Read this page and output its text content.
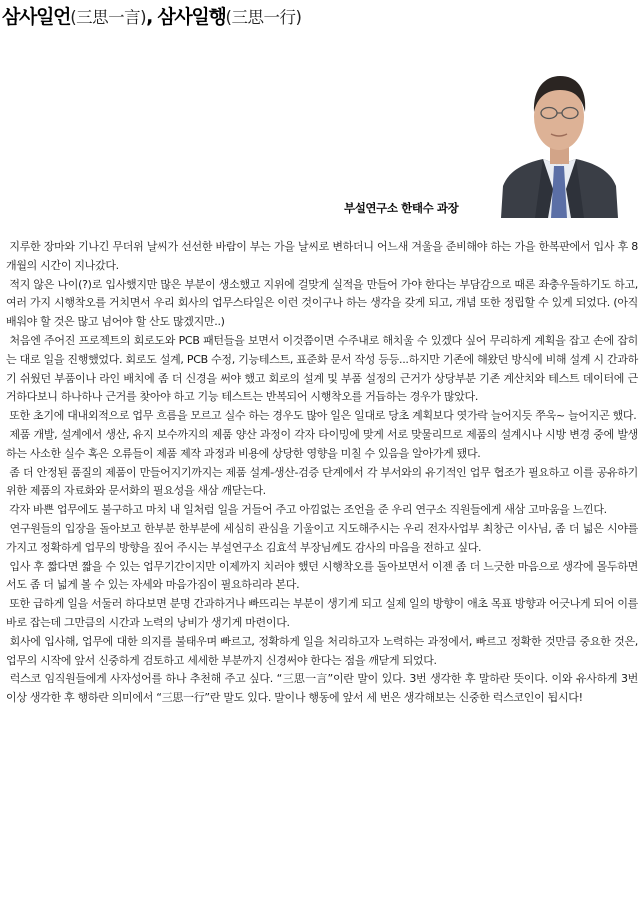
삼사일언(三思一言), 삼사일행(三思一行)
부설연구소 한태수 과장

지루한 장마와 기나긴 무더위 날씨가 선선한 바람이 부는 가을 날씨로 변하더니 어느새 겨울을 준비해야 하는 가을 한복판에서 입사 후 8개월의 시간이 지나갔다.

적지 않은 나이(?)로 입사했지만 많은 부분이 생소했고 지위에 걸맞게 실적을 만들어 가야 한다는 부담감으로 때론 좌충우돌하기도 하고, 여러 가지 시행착오를 거치면서 우리 회사의 업무스타일은 이런 것이구나 하는 생각을 갖게 되고, 개념 또한 정립할 수 있게 되었다. (아직 배워야 할 것은 많고 넘어야 할 산도 많겠지만..)

처음엔 주어진 프로젝트의 회로도와 PCB 패턴들을 보면서 이것쯤이면 수주내로 해치울 수 있겠다 싶어 무리하게 계획을 잡고 손에 잡히는 대로 일을 진행했었다. 회로도 설계, PCB 수정, 기능테스트, 표준화 문서 작성 등등...하지만 기존에 해왔던 방식에 비해 설계 시 간과하기 쉬웠던 부품이나 라인 배치에 좀 더 신경을 써야 했고 회로의 설계 및 부품 설정의 근거가 상당부분 기존 계산치와 테스트 데이터에 근거하다보니 하나하나 근거를 찾아야 하고 기능 테스트는 반복되어 시행착오를 거듭하는 경우가 많았다.

또한 초기에 대내외적으로 업무 흐름을 모르고 실수 하는 경우도 많아 일은 일대로 당초 계획보다 엿가락 늘어지듯 쭈욱~ 늘어지곤 했다.

제품 개발, 설계에서 생산, 유지 보수까지의 제품 양산 과정이 각자 타이밍에 맞게 서로 맞물리므로 제품의 설계시나 시방 변경 중에 발생하는 사소한 실수 혹은 오류들이 제품 제작 과정과 비용에 상당한 영향을 미칠 수 있음을 알아가게 됐다.

좀 더 안정된 품질의 제품이 만들어지기까지는 제품 설계-생산-검증 단계에서 각 부서와의 유기적인 업무 협조가 필요하고 이를 공유하기 위한 제품의 자료화와 문서화의 필요성을 새삼 깨닫는다.

각자 바쁜 업무에도 불구하고 마치 내 일처럼 일을 거들어 주고 아낌없는 조언을 준 우리 연구소 직원들에게 새삼 고마움을 느낀다.

연구원들의 입장을 돌아보고 한부분 한부분에 세심히 관심을 기울이고 지도해주시는 우리 전자사업부 최창근 이사님, 좀 더 넓은 시야를 가지고 정확하게 업무의 방향을 짚어 주시는 부설연구소 김효석 부장님께도 감사의 마음을 전하고 싶다.

입사 후 짧다면 짧을 수 있는 업무기간이지만 이제까지 치러야 했던 시행착오를 돌아보면서 이젠 좀 더 느긋한 마음으로 생각에 몰두하면서도 좀 더 넓게 볼 수 있는 자세와 마음가짐이 필요하리라 본다.

또한 급하게 일을 서둘러 하다보면 분명 간과하거나 빠뜨리는 부분이 생기게 되고 실제 일의 방향이 애초 목표 방향과 어긋나게 되어 이를 바로 잡는데 그만큼의 시간과 노력의 낭비가 생기게 마련이다.

회사에 입사해, 업무에 대한 의지를 불태우며 빠르고, 정확하게 일을 처리하고자 노력하는 과정에서, 빠르고 정확한 것만큼 중요한 것은, 업무의 시작에 앞서 신중하게 검토하고 세세한 부분까지 신경써야 한다는 점을 깨닫게 되었다.

럭스코 임직원들에게 사자성어를 하나 추천해 주고 싶다. “三思一言”이란 말이 있다. 3번 생각한 후 말하란 뜻이다. 이와 유사하게 3번 이상 생각한 후 행하란 의미에서 “三思一行”란 말도 있다. 말이나 행동에 앞서 세 번은 생각해보는 신중한 럭스코인이 됩시다!
